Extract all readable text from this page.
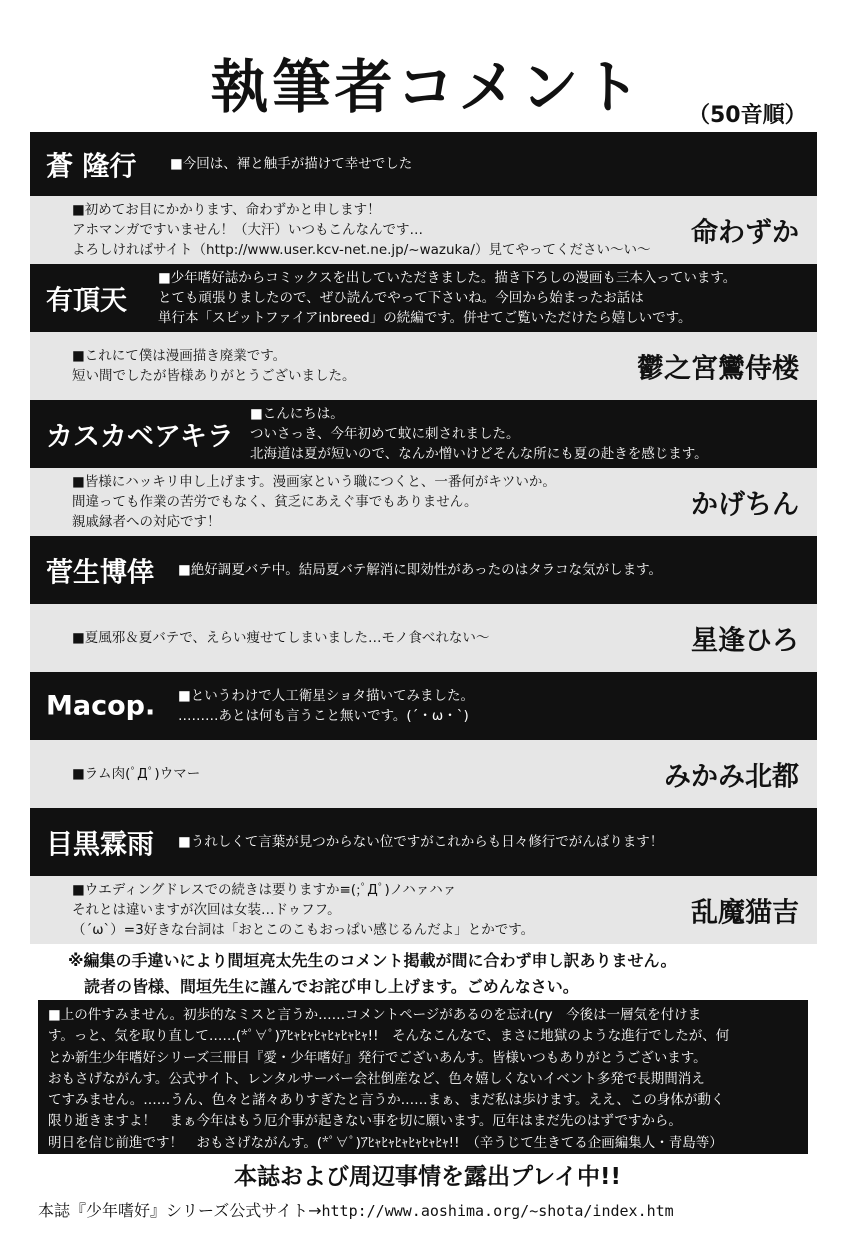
執筆者コメント	（50音順）
蒼 隆行 ■今回は、褌と触手が描けて幸せでした
命わずか
■初めてお目にかかります、命わずかと申します！
アホマンガですいません！（大汗）いつもこんなんです…
よろしければサイト（http://www.user.kcv-net.ne.jp/~wazuka/）見てやってください～い～
有頂天
■少年嗜好誌からコミックスを出していただきました。描き下ろしの漫画も三本入っています。
とても頑張りましたので、ぜひ読んでやって下さいね。今回から始まったお話は
単行本「スピットファイアinbreed」の続編です。併せてご覧いただけたら嬉しいです。
鬱之宮鸞侍楼
■これにて僕は漫画描き廃業です。
短い間でしたが皆様ありがとうございました。
カスカベアキラ
■こんにちは。
ついさっき、今年初めて蚊に刺されました。
北海道は夏が短いので、なんか憎いけどそんな所にも夏の赴きを感じます。
かげちん
■皆様にハッキリ申し上げます。漫画家という職につくと、一番何がキツいか。
間違っても作業の苦労でもなく、貧乏にあえぐ事でもありません。
親戚縁者への対応です！
菅生博倖 ■絶好調夏バテ中。結局夏バテ解消に即効性があったのはタラコな気がします。
星逢ひろ
■夏風邪＆夏バテで、えらい痩せてしまいました…モノ食べれない～
Macop. ■というわけで人工衛星ショタ描いてみました。
………あとは何も言うこと無いです。(´・ω・`)
みかみ北都
■ラム肉(ﾟДﾟ)ウマー
目黒霖雨 ■うれしくて言葉が見つからない位ですがこれからも日々修行でがんばります！
乱魔猫吉
■ウエディングドレスでの続きは要りますか≡(;ﾟДﾟ)ノハァハァ
それとは違いますが次回は女装…ドゥフフ。
（´ω`）=3好きな台詞は「おとこのこもおっぱい感じるんだよ」とかです。
※編集の手違いにより間垣亮太先生のコメント掲載が間に合わず申し訳ありません。
読者の皆様、間垣先生に謹んでお詫び申し上げます。ごめんなさい。
■上の件すみません。初歩的なミスと言うか……コメントページがあるのを忘れ(ry　今後は一層気を付けま
す。っと、気を取り直して……(*ﾟ∀ﾟ)ｱﾋｬﾋｬﾋｬﾋｬﾋｬﾋｬ!!　そんなこんなで、まさに地獄のような進行でしたが、何
とか新生少年嗜好シリーズ三冊目『愛・少年嗜好』発行でございあんす。皆様いつもありがとうございます。
おもさげながんす。公式サイト、レンタルサーバー会社倒産など、色々嬉しくないイベント多発で長期間消え
てすみません。……うん、色々と諸々ありすぎたと言うか……まぁ、まだ私は歩けます。ええ、この身体が動く
限り逝きますよ！　まぁ今年はもう厄介事が起きない事を切に願います。厄年はまだ先のはずですから。
明日を信じ前進です！　おもさげながんす。(*ﾟ∀ﾟ)ｱﾋｬﾋｬﾋｬﾋｬﾋｬﾋｬ!!　（辛うじて生きてる企画編集人・青島等）
本誌および周辺事情を露出プレイ中!!
本誌『少年嗜好』シリーズ公式サイト→http://www.aoshima.org/~shota/index.htm
